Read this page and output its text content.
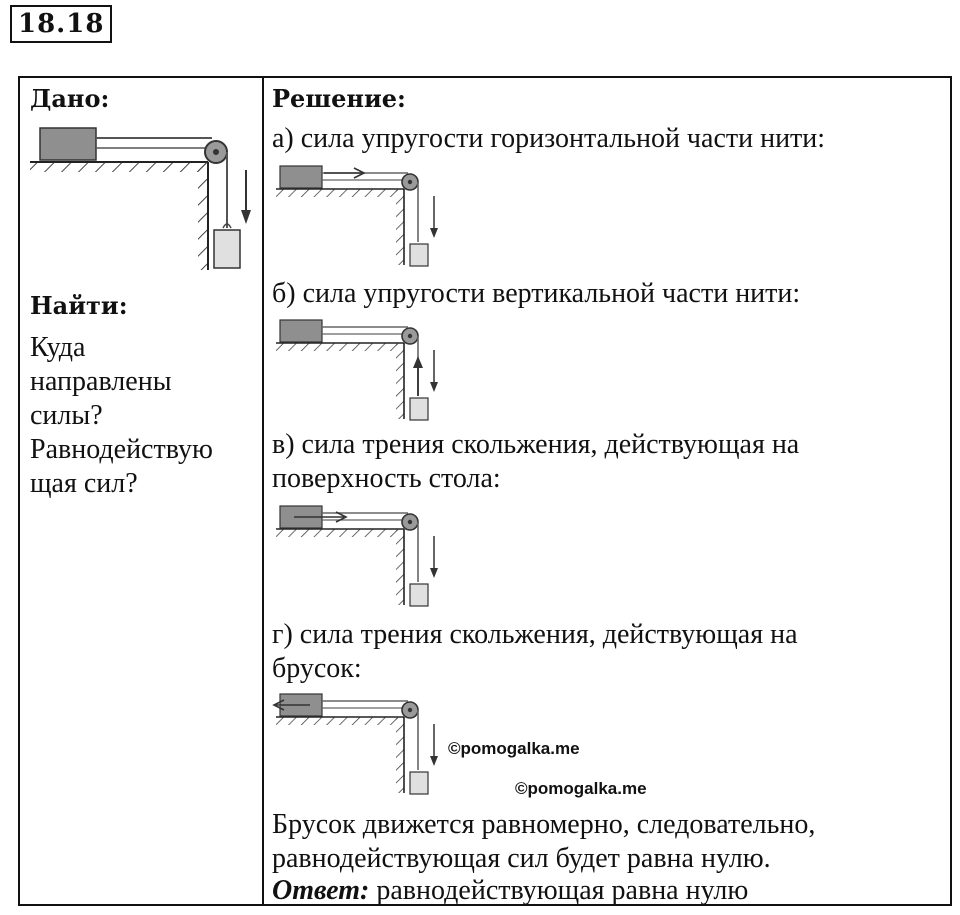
18.18
Дано:
Найти:
Куда
направлены
силы?
Равнодействую
щая сил?
Решение:
а) сила упругости горизонтальной части нити:
б) сила упругости вертикальной части нити:
в) сила трения скольжения, действующая на
поверхность стола:
г) сила трения скольжения, действующая на
брусок:
©pomogalka.me
©pomogalka.me
Брусок движется равномерно, следовательно,
равнодействующая сил будет равна нулю.
Ответ: равнодействующая равна нулю
